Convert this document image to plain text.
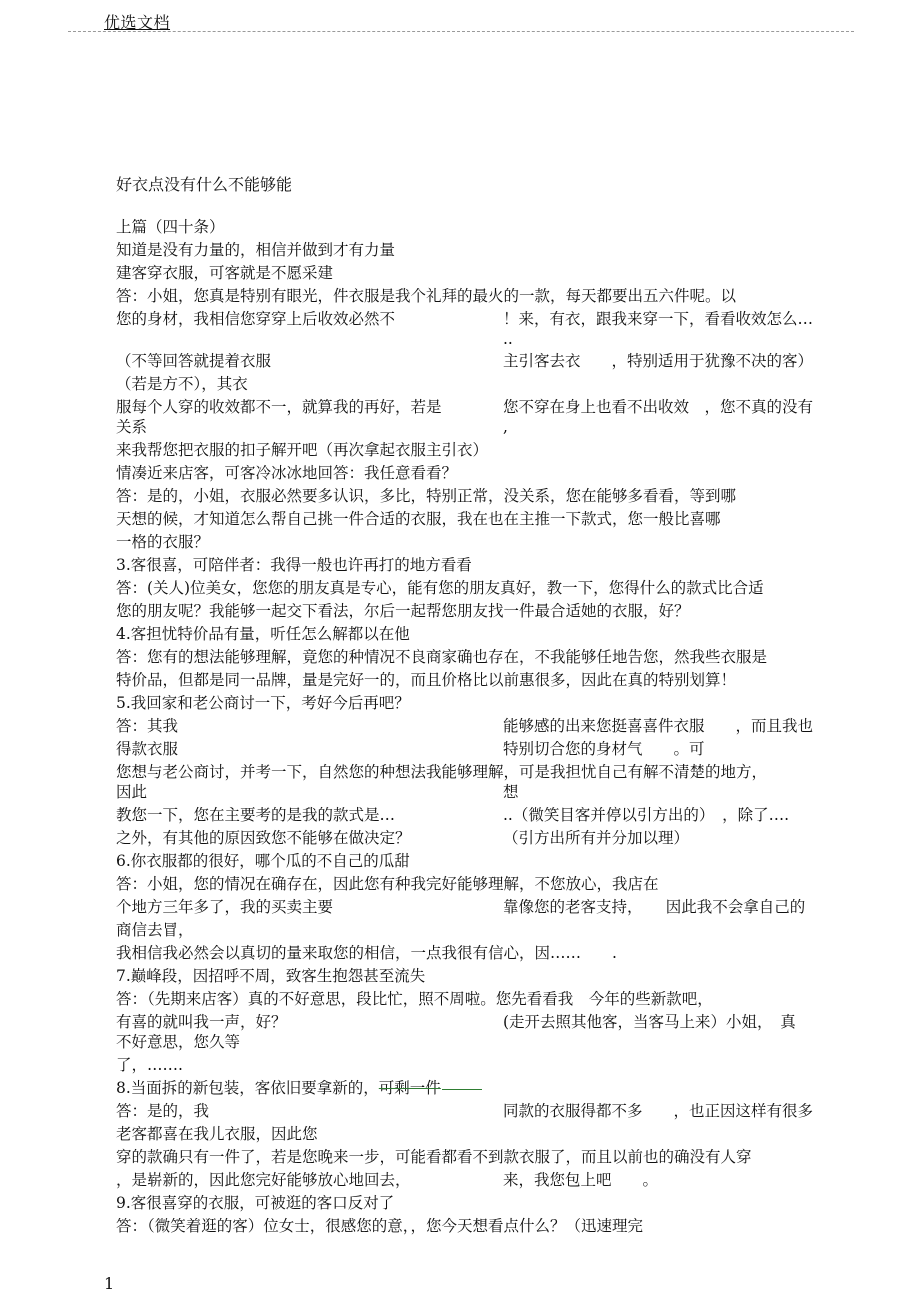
优选文档
好衣点没有什么不能够能
上篇（四十条）
知道是没有力量的，相信并做到才有力量
建客穿衣服，可客就是不愿采建
答：小姐，您真是特别有眼光，件衣服是我个礼拜的最火的一款，每天都要出五六件呢。以
您的身材，我相信您穿穿上后收效必然不	！来，有衣，跟我来穿一下，看看收效怎么…
..
（不等回答就提着衣服	主引客去衣　　，特别适用于犹豫不决的客）
（若是方不），其衣
服每个人穿的收效都不一，就算我的再好，若是	您不穿在身上也看不出收效　，您不真的没有
关系	,
来我帮您把衣服的扣子解开吧（再次拿起衣服主引衣）
情凑近来店客，可客冷冰冰地回答：我任意看看？
答：是的，小姐，衣服必然要多认识，多比，特别正常，没关系，您在能够多看看，等到哪
天想的候，才知道怎么帮自己挑一件合适的衣服，我在也在主推一下款式，您一般比喜哪
一格的衣服？
3.客很喜，可陪伴者：我得一般也许再打的地方看看
答：(关人)位美女，您您的朋友真是专心，能有您的朋友真好，教一下，您得什么的款式比合适
您的朋友呢？我能够一起交下看法，尔后一起帮您朋友找一件最合适她的衣服，好？
4.客担忧特价品有量，听任怎么解都以在他
答：您有的想法能够理解，竟您的种情况不良商家确也存在，不我能够任地告您，然我些衣服是
特价品，但都是同一品牌，量是完好一的，而且价格比以前惠很多，因此在真的特别划算！
5.我回家和老公商讨一下，考好今后再吧？
答：其我	能够感的出来您挺喜喜件衣服　　，而且我也
得款衣服	特别切合您的身材气　　。可
您想与老公商讨，并考一下，自然您的种想法我能够理解，可是我担忧自己有解不清楚的地方，
因此	想
教您一下，您在主要考的是我的款式是…	..（微笑目客并停以引方出的）　，除了….
之外，有其他的原因致您不能够在做决定？	（引方出所有并分加以理）
6.你衣服都的很好，哪个瓜的不自己的瓜甜
答：小姐，您的情况在确存在，因此您有种我完好能够理解，不您放心，我店在
个地方三年多了，我的买卖主要	靠像您的老客支持，　　因此我不会拿自己的
商信去冒，
我相信我必然会以真切的量来取您的相信，一点我很有信心，因……　　.
7.巅峰段，因招呼不周，致客生抱怨甚至流失
答：（先期来店客）真的不好意思，段比忙，照不周啦。您先看看我　今年的些新款吧，
有喜的就叫我一声，好？	(走开去照其他客，当客马上来）小姐，　真
不好意思，您久等
了，…….
8.当面拆的新包装，客依旧要拿新的，可剩一件
答：是的，我	同款的衣服得都不多　　，也正因这样有很多
老客都喜在我儿衣服，因此您
穿的款确只有一件了，若是您晚来一步，可能看都看不到款衣服了，而且以前也的确没有人穿
，是崭新的，因此您完好能够放心地回去，	来，我您包上吧　　。
9.客很喜穿的衣服，可被逛的客口反对了
答：（微笑着逛的客）位女士，很感您的意，，您今天想看点什么？（迅速理完
1
